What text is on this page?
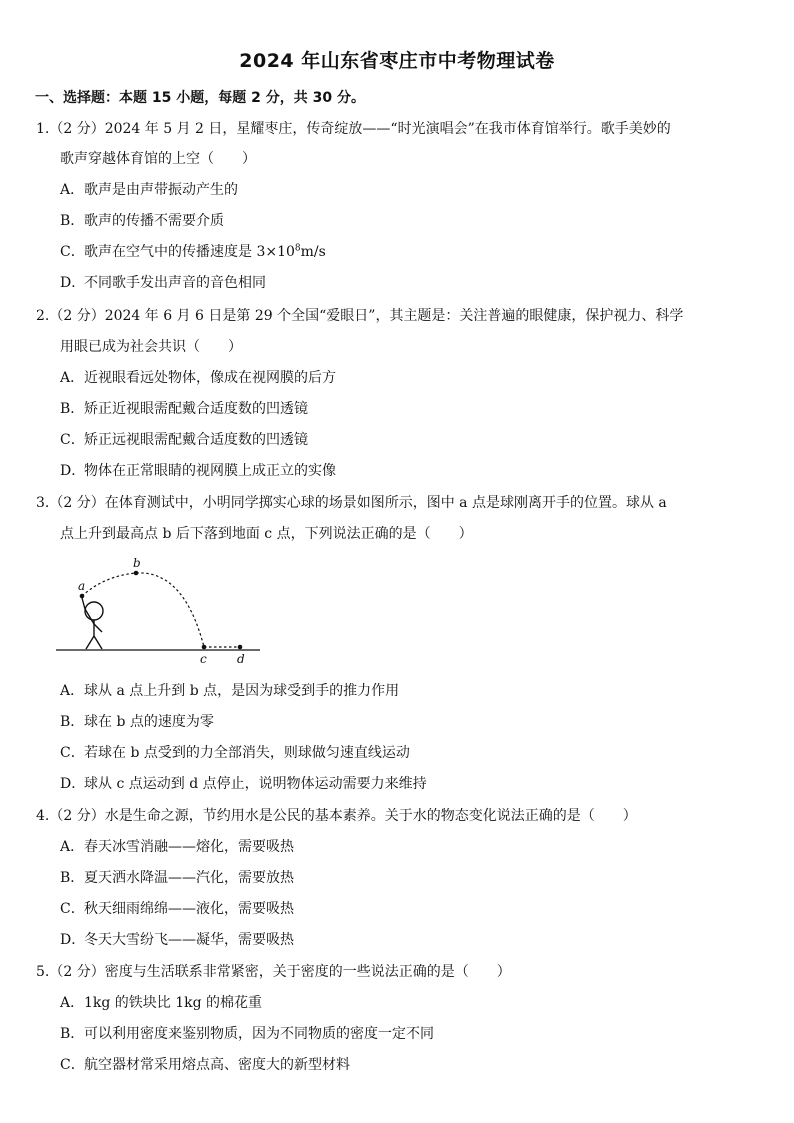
2024 年山东省枣庄市中考物理试卷
一、选择题：本题 15 小题，每题 2 分，共 30 分。
1.（2 分）2024 年 5 月 2 日，星耀枣庄，传奇绽放——“时光演唱会”在我市体育馆举行。歌手美妙的
歌声穿越体育馆的上空（　　）
A．歌声是由声带振动产生的
B．歌声的传播不需要介质
C．歌声在空气中的传播速度是 $3\times 10^8m/s$
D．不同歌手发出声音的音色相同
2.（2 分）2024 年 6 月 6 日是第 29 个全国“爱眼日”，其主题是：关注普遍的眼健康，保护视力、科学
用眼已成为社会共识（　　）
A．近视眼看远处物体，像成在视网膜的后方
B．矫正近视眼需配戴合适度数的凹透镜
C．矫正远视眼需配戴合适度数的凹透镜
D．物体在正常眼睛的视网膜上成正立的实像
3.（2 分）在体育测试中，小明同学掷实心球的场景如图所示，图中 a 点是球刚离开手的位置。球从 a
点上升到最高点 b 后下落到地面 c 点，下列说法正确的是（　　）
a
b
c	d
A．球从 a 点上升到 b 点，是因为球受到手的推力作用
B．球在 b 点的速度为零
C．若球在 b 点受到的力全部消失，则球做匀速直线运动
D．球从 c 点运动到 d 点停止，说明物体运动需要力来维持
4.（2 分）水是生命之源，节约用水是公民的基本素养。关于水的物态变化说法正确的是（　　）
A．春天冰雪消融——熔化，需要吸热
B．夏天洒水降温——汽化，需要放热
C．秋天细雨绵绵——液化，需要吸热
D．冬天大雪纷飞——凝华，需要吸热
5.（2 分）密度与生活联系非常紧密，关于密度的一些说法正确的是（　　）
A．1kg 的铁块比 1kg 的棉花重
B．可以利用密度来鉴别物质，因为不同物质的密度一定不同
C．航空器材常采用熔点高、密度大的新型材料
